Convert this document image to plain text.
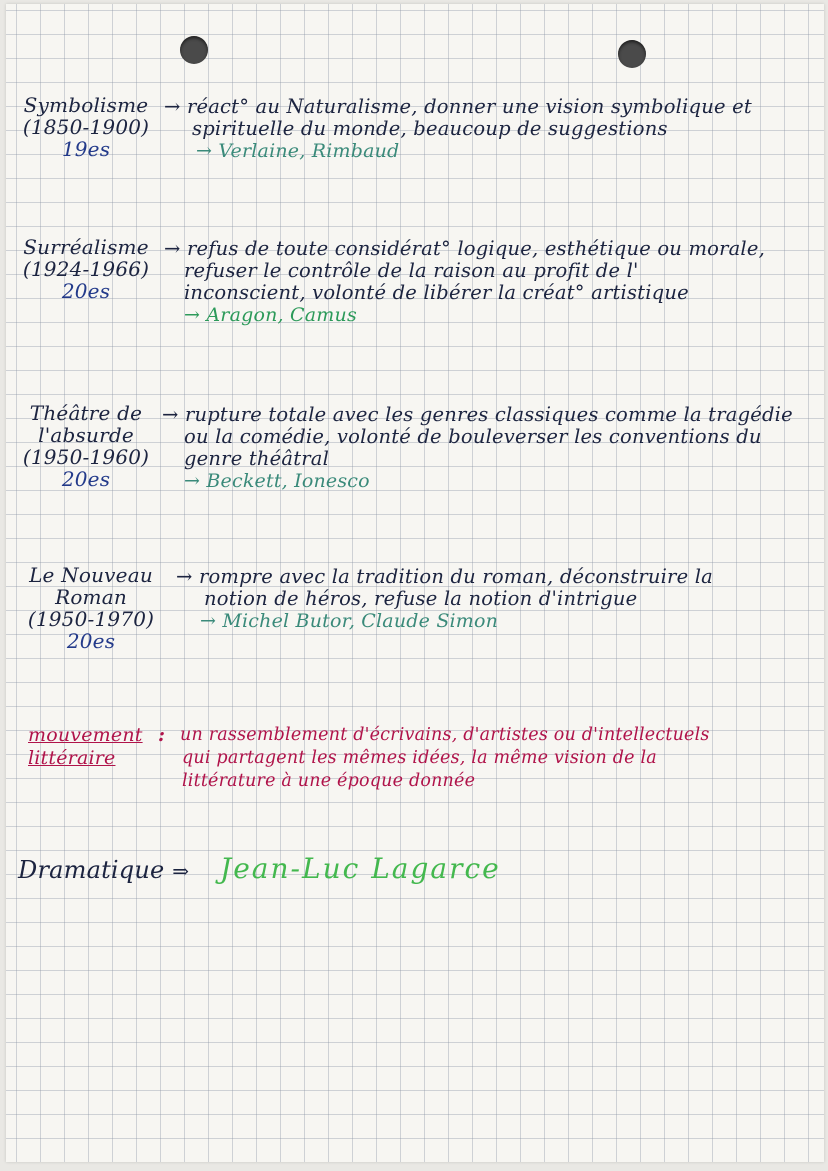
Symbolisme
(1850-1900)
19es
→ réact° au Naturalisme, donner une vision symbolique et
spirituelle du monde, beaucoup de suggestions
→ Verlaine, Rimbaud
Surréalisme
(1924-1966)
20es
→ refus de toute considérat° logique, esthétique ou morale,
refuser le contrôle de la raison au profit de l'
inconscient, volonté de libérer la créat° artistique
→ Aragon, Camus
Théâtre de
l'absurde
(1950-1960)
20es
→ rupture totale avec les genres classiques comme la tragédie
ou la comédie, volonté de bouleverser les conventions du
genre théâtral
→ Beckett, Ionesco
Le Nouveau
Roman
(1950-1970)
20es
→ rompre avec la tradition du roman, déconstruire la
notion de héros, refuse la notion d'intrigue
→ Michel Butor, Claude Simon
mouvement
littéraire
: un rassemblement d'écrivains, d'artistes ou d'intellectuels
qui partagent les mêmes idées, la même vision de la
littérature à une époque donnée
Dramatique ⇒ Jean-Luc Lagarce
